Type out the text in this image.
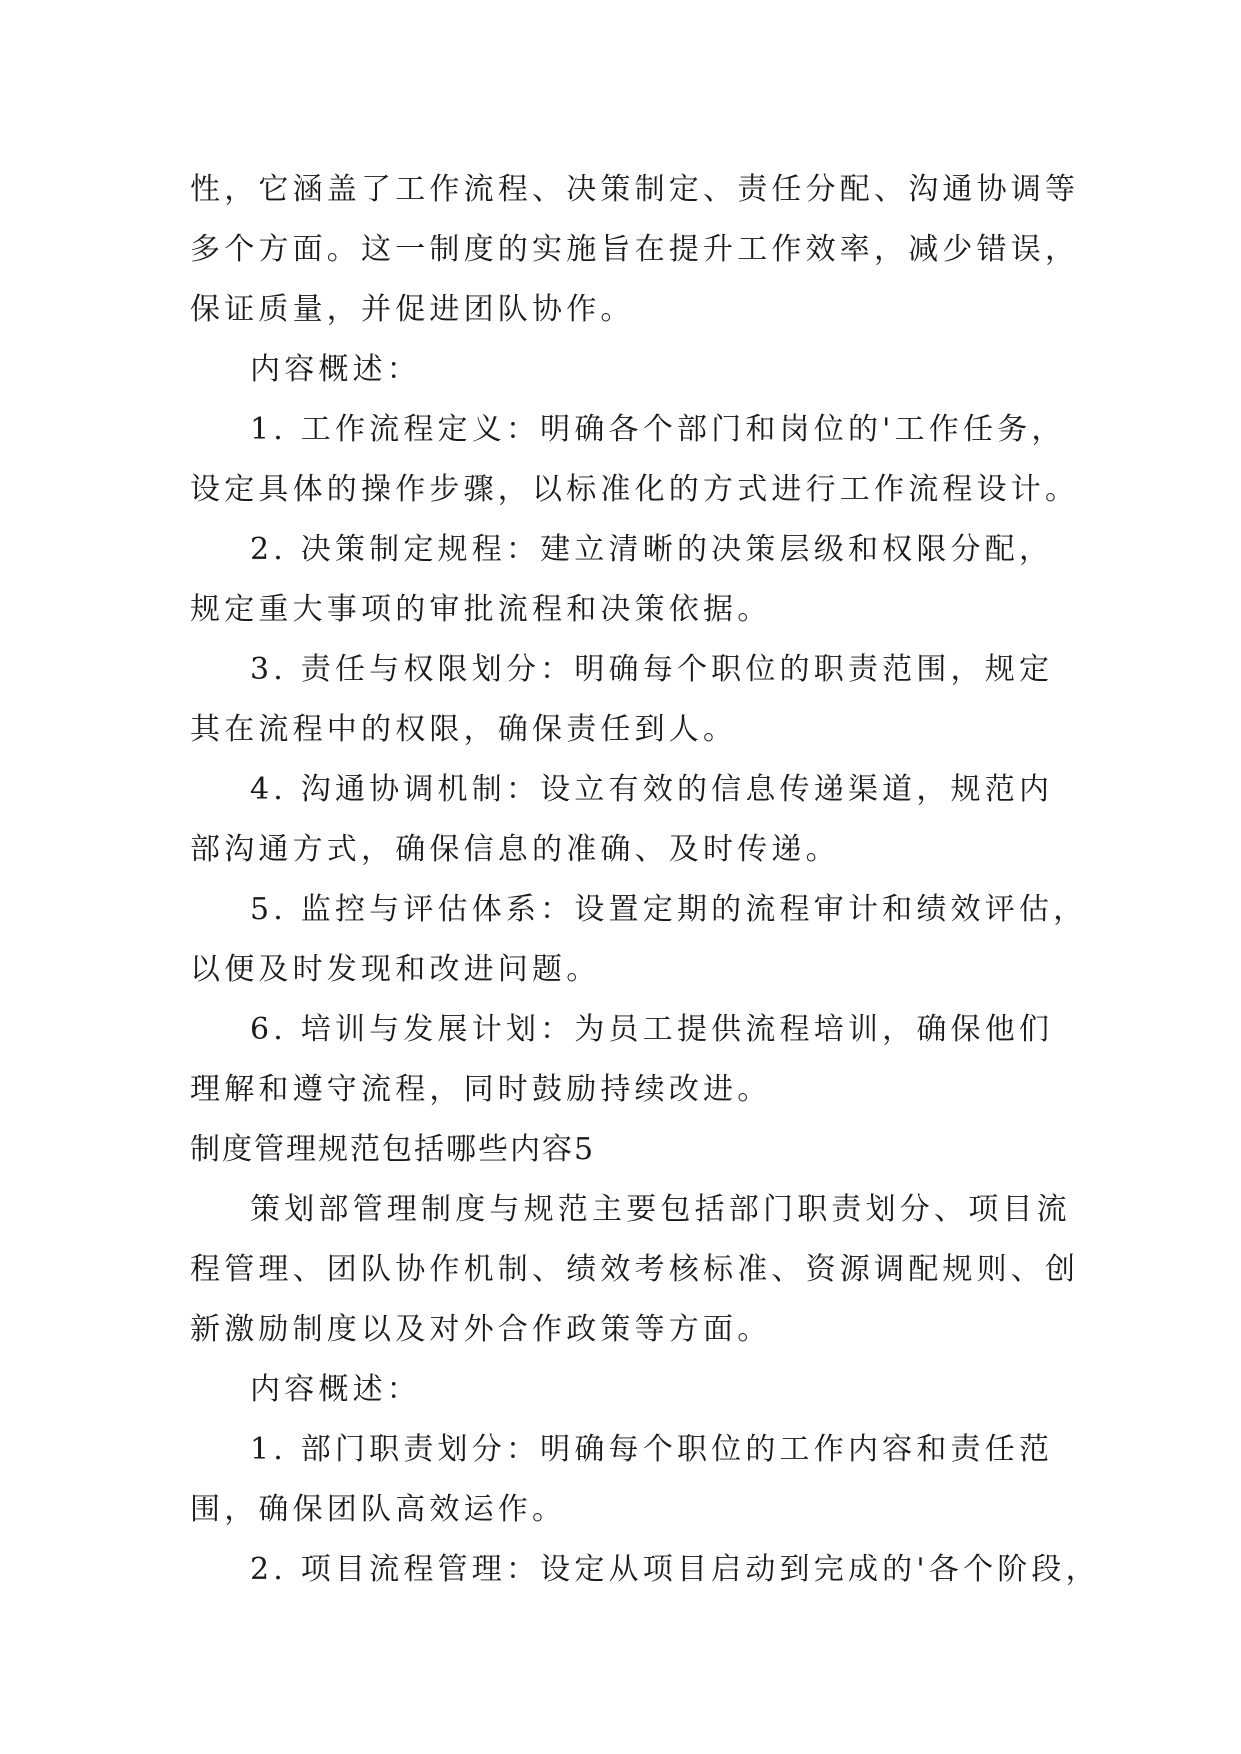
性，它涵盖了工作流程、决策制定、责任分配、沟通协调等
多个方面。这一制度的实施旨在提升工作效率，减少错误，
保证质量，并促进团队协作。
内容概述：
1. 工作流程定义：明确各个部门和岗位的'工作任务，
设定具体的操作步骤，以标准化的方式进行工作流程设计。
2. 决策制定规程：建立清晰的决策层级和权限分配，
规定重大事项的审批流程和决策依据。
3. 责任与权限划分：明确每个职位的职责范围，规定
其在流程中的权限，确保责任到人。
4. 沟通协调机制：设立有效的信息传递渠道，规范内
部沟通方式，确保信息的准确、及时传递。
5. 监控与评估体系：设置定期的流程审计和绩效评估，
以便及时发现和改进问题。
6. 培训与发展计划：为员工提供流程培训，确保他们
理解和遵守流程，同时鼓励持续改进。
制度管理规范包括哪些内容5
策划部管理制度与规范主要包括部门职责划分、项目流
程管理、团队协作机制、绩效考核标准、资源调配规则、创
新激励制度以及对外合作政策等方面。
内容概述：
1. 部门职责划分：明确每个职位的工作内容和责任范
围，确保团队高效运作。
2. 项目流程管理：设定从项目启动到完成的'各个阶段，
